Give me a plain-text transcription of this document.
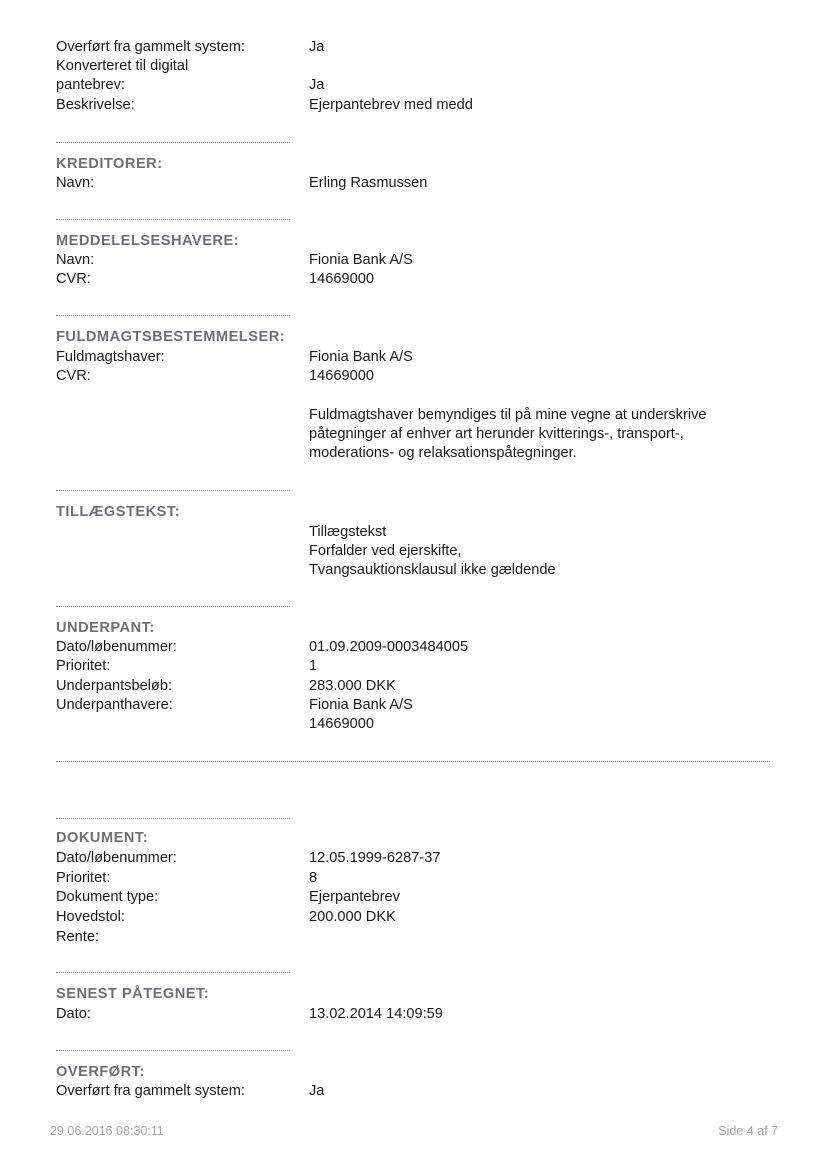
Overført fra gammelt system:	Ja
Konverteret til digital
pantebrev:	Ja
Beskrivelse:	Ejerpantebrev med medd
KREDITORER:
Navn:	Erling Rasmussen
MEDDELELSESHAVERE:
Navn:	Fionia Bank A/S
CVR:	14669000
FULDMAGTSBESTEMMELSER:
Fuldmagtshaver:	Fionia Bank A/S
CVR:	14669000
Fuldmagtshaver bemyndiges til på mine vegne at underskrive
påtegninger af enhver art herunder kvitterings-, transport-,
moderations- og relaksationspåtegninger.
TILLÆGSTEKST:
Tillægstekst
Forfalder ved ejerskifte,
Tvangsauktionsklausul ikke gældende
UNDERPANT:
Dato/løbenummer:	01.09.2009-0003484005
Prioritet:	1
Underpantsbeløb:	283.000 DKK
Underpanthavere:	Fionia Bank A/S
14669000
DOKUMENT:
Dato/løbenummer:	12.05.1999-6287-37
Prioritet:	8
Dokument type:	Ejerpantebrev
Hovedstol:	200.000 DKK
Rente:
SENEST PÅTEGNET:
Dato:	13.02.2014 14:09:59
OVERFØRT:
Overført fra gammelt system:	Ja
29.06.2016 08:30:11	Side 4 af 7
